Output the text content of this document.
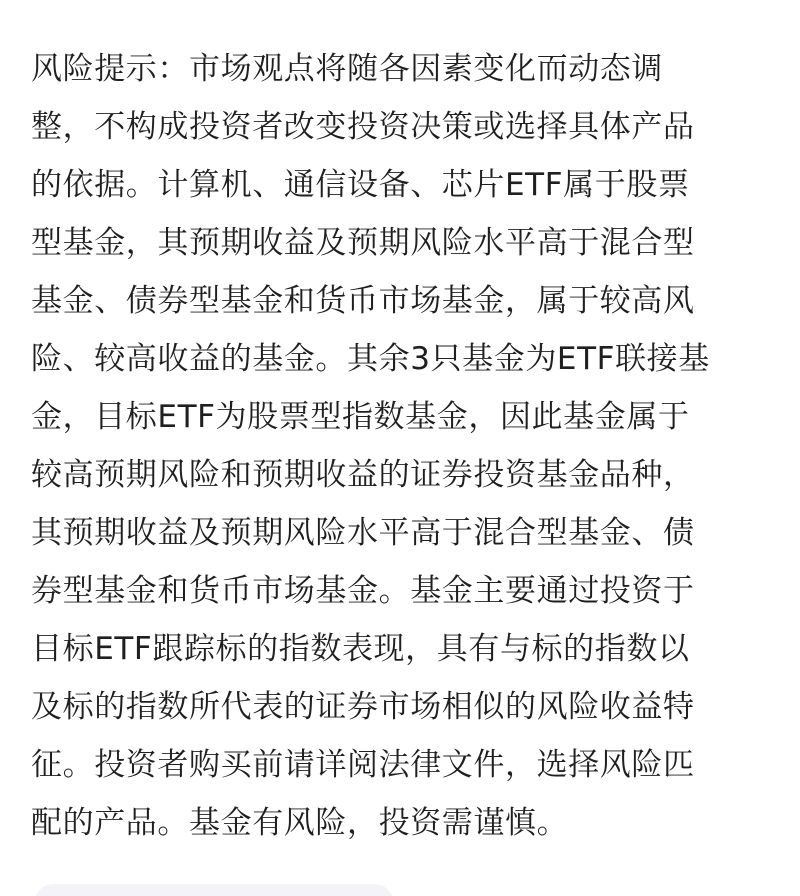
风险提示：市场观点将随各因素变化而动态调
整，不构成投资者改变投资决策或选择具体产品
的依据。计算机、通信设备、芯片ETF属于股票
型基金，其预期收益及预期风险水平高于混合型
基金、债券型基金和货币市场基金，属于较高风
险、较高收益的基金。其余3只基金为ETF联接基
金，目标ETF为股票型指数基金，因此基金属于
较高预期风险和预期收益的证券投资基金品种，
其预期收益及预期风险水平高于混合型基金、债
券型基金和货币市场基金。基金主要通过投资于
目标ETF跟踪标的指数表现，具有与标的指数以
及标的指数所代表的证券市场相似的风险收益特
征。投资者购买前请详阅法律文件，选择风险匹
配的产品。基金有风险，投资需谨慎。
